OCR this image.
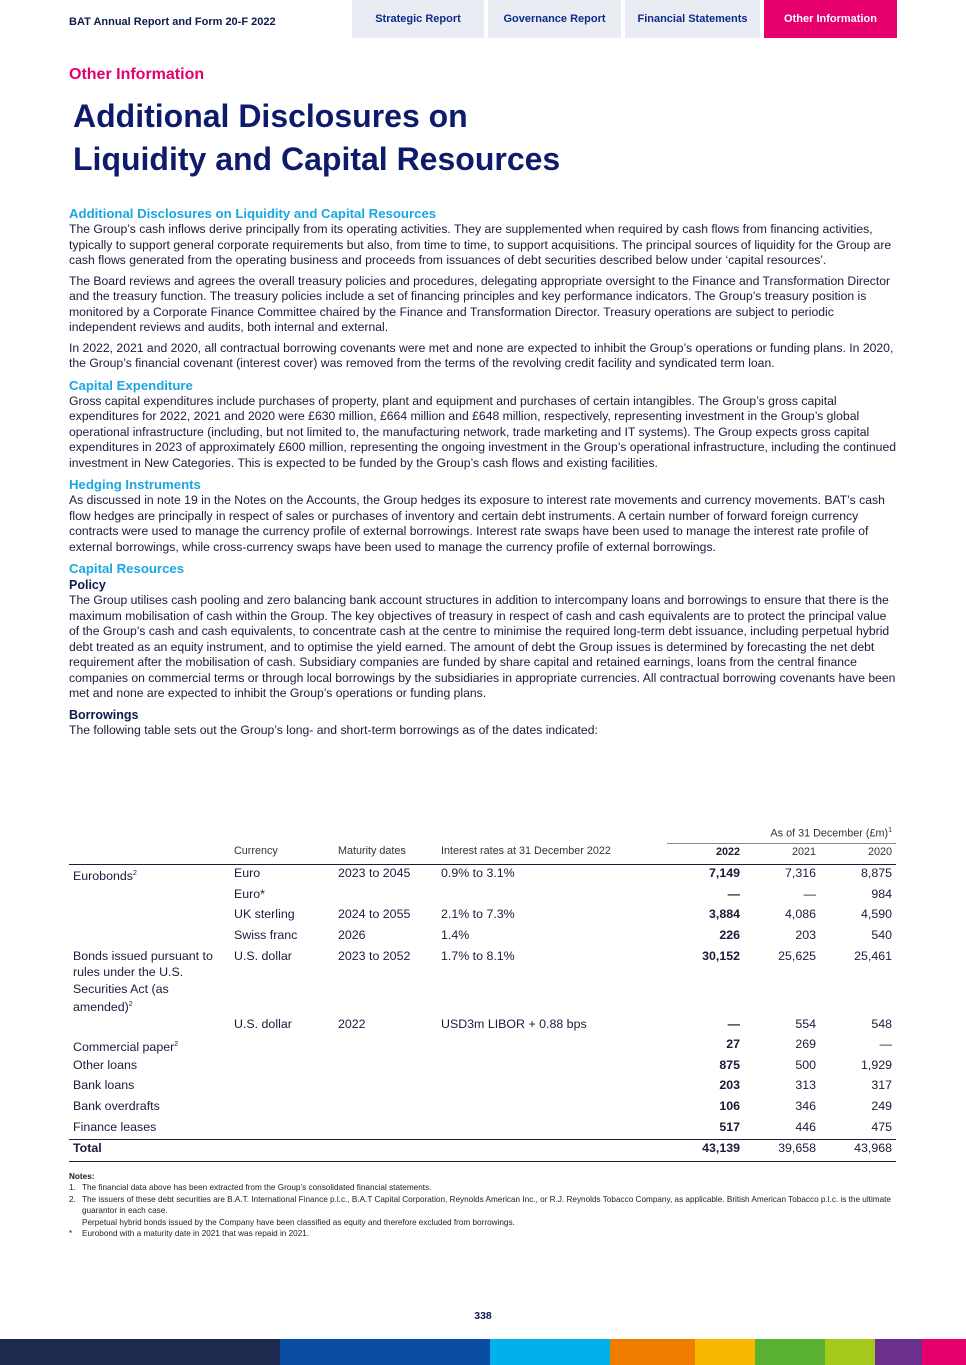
BAT Annual Report and Form 20-F 2022	Strategic Report	Governance Report	Financial Statements	Other Information
Other Information
Additional Disclosures on
Liquidity and Capital Resources
Additional Disclosures on Liquidity and Capital Resources

The Group’s cash inflows derive principally from its operating activities. They are supplemented when required by cash flows from financing activities, typically to support general corporate requirements but also, from time to time, to support acquisitions. The principal sources of liquidity for the Group are cash flows generated from the operating business and proceeds from issuances of debt securities described below under ‘capital resources’.

The Board reviews and agrees the overall treasury policies and procedures, delegating appropriate oversight to the Finance and Transformation Director and the treasury function. The treasury policies include a set of financing principles and key performance indicators. The Group’s treasury position is monitored by a Corporate Finance Committee chaired by the Finance and Transformation Director. Treasury operations are subject to periodic independent reviews and audits, both internal and external.

In 2022, 2021 and 2020, all contractual borrowing covenants were met and none are expected to inhibit the Group’s operations or funding plans. In 2020, the Group’s financial covenant (interest cover) was removed from the terms of the revolving credit facility and syndicated term loan.

Capital Expenditure

Gross capital expenditures include purchases of property, plant and equipment and purchases of certain intangibles. The Group’s gross capital expenditures for 2022, 2021 and 2020 were £630 million, £664 million and £648 million, respectively, representing investment in the Group’s global operational infrastructure (including, but not limited to, the manufacturing network, trade marketing and IT systems). The Group expects gross capital expenditures in 2023 of approximately £600 million, representing the ongoing investment in the Group’s operational infrastructure, including the continued investment in New Categories. This is expected to be funded by the Group’s cash flows and existing facilities.

Hedging Instruments

As discussed in note 19 in the Notes on the Accounts, the Group hedges its exposure to interest rate movements and currency movements. BAT’s cash flow hedges are principally in respect of sales or purchases of inventory and certain debt instruments. A certain number of forward foreign currency contracts were used to manage the currency profile of external borrowings. Interest rate swaps have been used to manage the interest rate profile of external borrowings, while cross-currency swaps have been used to manage the currency profile of external borrowings.

Capital Resources
Policy

The Group utilises cash pooling and zero balancing bank account structures in addition to intercompany loans and borrowings to ensure that there is the maximum mobilisation of cash within the Group. The key objectives of treasury in respect of cash and cash equivalents are to protect the principal value of the Group’s cash and cash equivalents, to concentrate cash at the centre to minimise the required long-term debt issuance, including perpetual hybrid debt treated as an equity instrument, and to optimise the yield earned. The amount of debt the Group issues is determined by forecasting the net debt requirement after the mobilisation of cash. Subsidiary companies are funded by share capital and retained earnings, loans from the central finance companies on commercial terms or through local borrowings by the subsidiaries in appropriate currencies. All contractual borrowing covenants have been met and none are expected to inhibit the Group’s operations or funding plans.

Borrowings

The following table sets out the Group’s long- and short-term borrowings as of the dates indicated:

				As of 31 December (£m)$^1$
	Currency	Maturity dates	Interest rates at 31 December 2022	2022	2021	2020
Eurobonds$^2$	Euro	2023 to 2045	0.9% to 3.1%	7,149	7,316	8,875
	Euro*			—	—	984
	UK sterling	2024 to 2055	2.1% to 7.3%	3,884	4,086	4,590
	Swiss franc	2026	1.4%	226	203	540
Bonds issued pursuant to rules under the U.S. Securities Act (as amended)$^2$	U.S. dollar	2023 to 2052	1.7% to 8.1%	30,152	25,625	25,461
	U.S. dollar	2022	USD3m LIBOR + 0.88 bps	—	554	548
Commercial paper$^2$				27	269	—
Other loans				875	500	1,929
Bank loans				203	313	317
Bank overdrafts				106	346	249
Finance leases				517	446	475
Total				43,139	39,658	43,968
Notes:
1. The financial data above has been extracted from the Group’s consolidated financial statements.
2. The issuers of these debt securities are B.A.T. International Finance p.l.c., B.A.T Capital Corporation, Reynolds American Inc., or R.J. Reynolds Tobacco Company, as applicable. British American Tobacco p.l.c. is the ultimate guarantor in each case.
Perpetual hybrid bonds issued by the Company have been classified as equity and therefore excluded from borrowings.
*	Eurobond with a maturity date in 2021 that was repaid in 2021.
338
